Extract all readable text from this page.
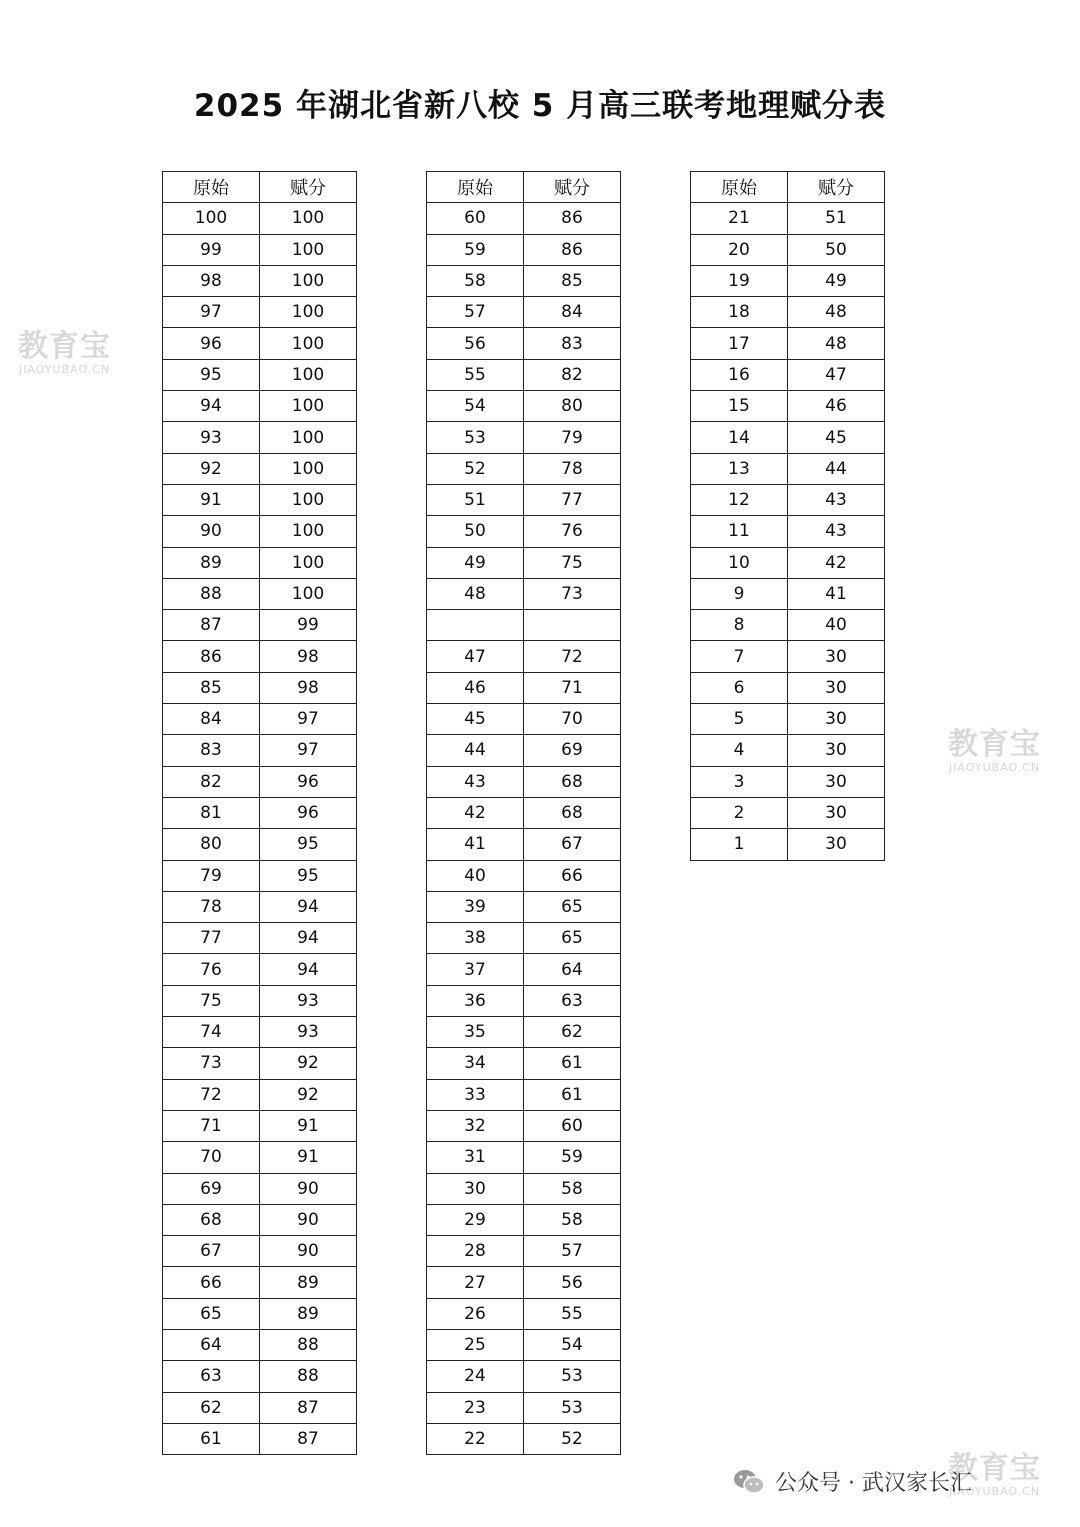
2025 年湖北省新八校 5 月高三联考地理赋分表
原始	赋分
100	100
99	100
98	100
97	100
96	100
95	100
94	100
93	100
92	100
91	100
90	100
89	100
88	100
87	99
86	98
85	98
84	97
83	97
82	96
81	96
80	95
79	95
78	94
77	94
76	94
75	93
74	93
73	92
72	92
71	91
70	91
69	90
68	90
67	90
66	89
65	89
64	88
63	88
62	87
61	87
原始	赋分
60	86
59	86
58	85
57	84
56	83
55	82
54	80
53	79
52	78
51	77
50	76
49	75
48	73

47	72
46	71
45	70
44	69
43	68
42	68
41	67
40	66
39	65
38	65
37	64
36	63
35	62
34	61
33	61
32	60
31	59
30	58
29	58
28	57
27	56
26	55
25	54
24	53
23	53
22	52
原始	赋分
21	51
20	50
19	49
18	48
17	48
16	47
15	46
14	45
13	44
12	43
11	43
10	42
9	41
8	40
7	30
6	30
5	30
4	30
3	30
2	30
1	30
教育宝
JIAOYUBAO.CN
教育宝
JIAOYUBAO.CN
教育宝
JIAOYUBAO.CN
公众号 · 武汉家长汇
